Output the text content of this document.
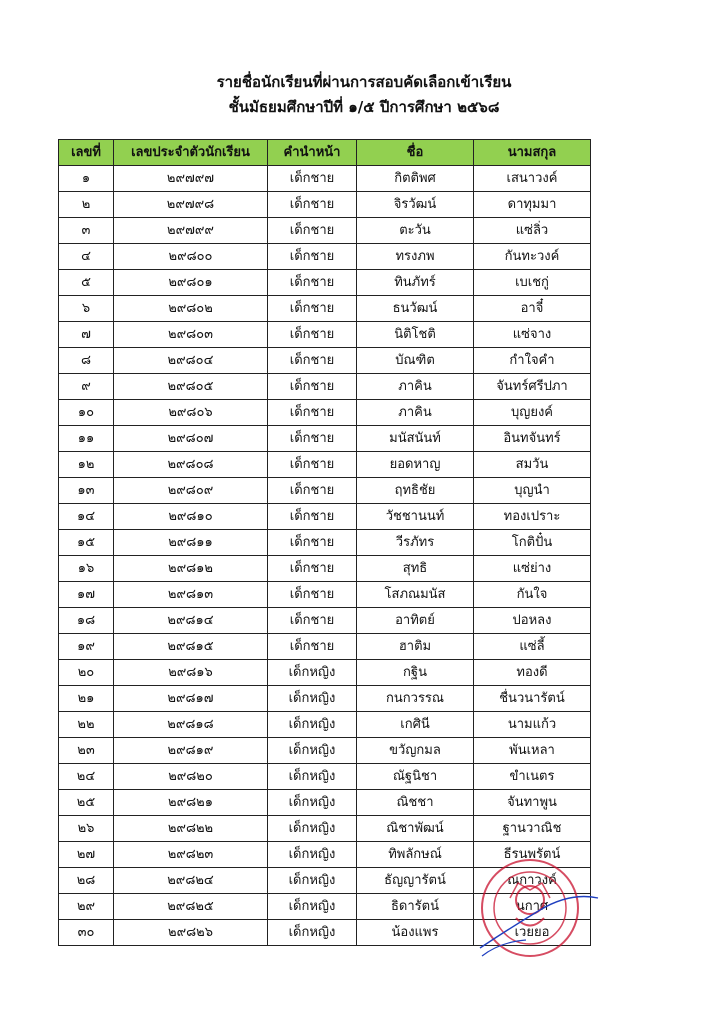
รายชื่อนักเรียนที่ผ่านการสอบคัดเลือกเข้าเรียน
ชั้นมัธยมศึกษาปีที่ ๑/๕ ปีการศึกษา ๒๕๖๘
เลขที่	เลขประจำตัวนักเรียน	คำนำหน้า	ชื่อ	นามสกุล
๑	๒๙๗๙๗	เด็กชาย	กิตติพศ	เสนาวงค์
๒	๒๙๗๙๘	เด็กชาย	จิรวัฒน์	ดาทุมมา
๓	๒๙๗๙๙	เด็กชาย	ตะวัน	แซ่ลิ่ว
๔	๒๙๘๐๐	เด็กชาย	ทรงภพ	กันทะวงค์
๕	๒๙๘๐๑	เด็กชาย	ทินภัทร์	เบเชกู่
๖	๒๙๘๐๒	เด็กชาย	ธนวัฒน์	อาจี๋
๗	๒๙๘๐๓	เด็กชาย	นิติโชติ	แซ่จาง
๘	๒๙๘๐๔	เด็กชาย	บัณฑิต	กำใจคำ
๙	๒๙๘๐๕	เด็กชาย	ภาคิน	จันทร์ศรีปภา
๑๐	๒๙๘๐๖	เด็กชาย	ภาคิน	บุญยงค์
๑๑	๒๙๘๐๗	เด็กชาย	มนัสนันท์	อินทจันทร์
๑๒	๒๙๘๐๘	เด็กชาย	ยอดหาญ	สมวัน
๑๓	๒๙๘๐๙	เด็กชาย	ฤทธิชัย	บุญนำ
๑๔	๒๙๘๑๐	เด็กชาย	วัชชานนท์	ทองเปราะ
๑๕	๒๙๘๑๑	เด็กชาย	วีรภัทร	โกติปั๋น
๑๖	๒๙๘๑๒	เด็กชาย	สุทธิ	แซ่ย่าง
๑๗	๒๙๘๑๓	เด็กชาย	โสภณมนัส	กันใจ
๑๘	๒๙๘๑๔	เด็กชาย	อาทิตย์	ปอหลง
๑๙	๒๙๘๑๕	เด็กชาย	ฮาติม	แซ่ลี้
๒๐	๒๙๘๑๖	เด็กหญิง	กฐิน	ทองดี
๒๑	๒๙๘๑๗	เด็กหญิง	กนกวรรณ	ชื่นวนารัตน์
๒๒	๒๙๘๑๘	เด็กหญิง	เกศินี	นามแก้ว
๒๓	๒๙๘๑๙	เด็กหญิง	ขวัญกมล	พันเหลา
๒๔	๒๙๘๒๐	เด็กหญิง	ณัฐนิชา	ขำเนตร
๒๕	๒๙๘๒๑	เด็กหญิง	ณิชชา	จันทาพูน
๒๖	๒๙๘๒๒	เด็กหญิง	ณิชาพัฒน์	ฐานวาณิช
๒๗	๒๙๘๒๓	เด็กหญิง	ทิพลักษณ์	ธีรนพรัตน์
๒๘	๒๙๘๒๔	เด็กหญิง	ธัญญารัตน์	ณกาวงค์
๒๙	๒๙๘๒๕	เด็กหญิง	ธิดารัตน์	นกาศ
๓๐	๒๙๘๒๖	เด็กหญิง	น้องแพร	เวยยอ
